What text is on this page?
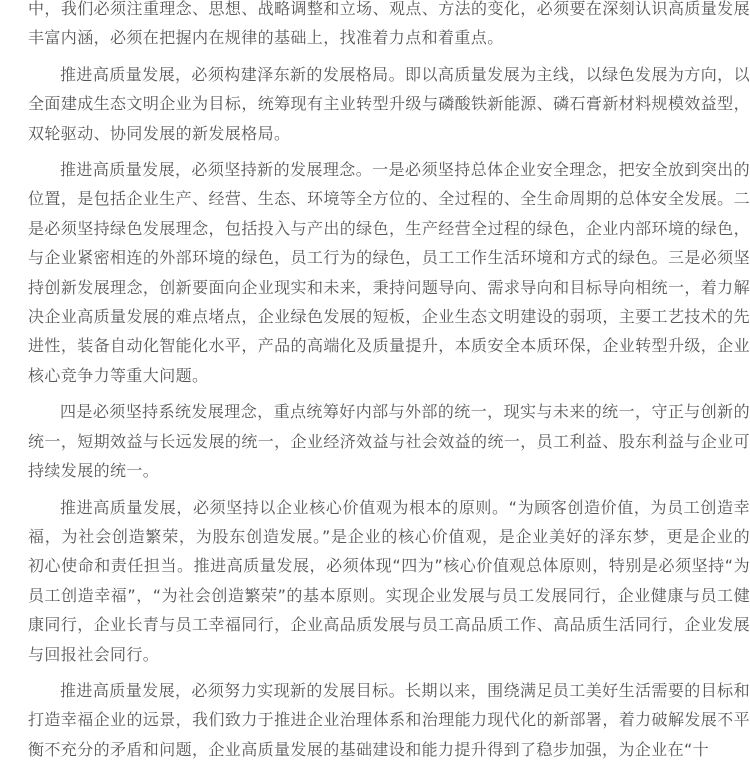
中，我们必须注重理念、思想、战略调整和立场、观点、方法的变化，必须要在深刻认识高质量发展丰富内涵，必须在把握内在规律的基础上，找准着力点和着重点。

推进高质量发展，必须构建泽东新的发展格局。即以高质量发展为主线，以绿色发展为方向，以全面建成生态文明企业为目标，统筹现有主业转型升级与磷酸铁新能源、磷石膏新材料规模效益型，双轮驱动、协同发展的新发展格局。

推进高质量发展，必须坚持新的发展理念。一是必须坚持总体企业安全理念，把安全放到突出的位置，是包括企业生产、经营、生态、环境等全方位的、全过程的、全生命周期的总体安全发展。二是必须坚持绿色发展理念，包括投入与产出的绿色，生产经营全过程的绿色，企业内部环境的绿色，与企业紧密相连的外部环境的绿色，员工行为的绿色，员工工作生活环境和方式的绿色。三是必须坚持创新发展理念，创新要面向企业现实和未来，秉持问题导向、需求导向和目标导向相统一，着力解决企业高质量发展的难点堵点，企业绿色发展的短板，企业生态文明建设的弱项，主要工艺技术的先进性，装备自动化智能化水平，产品的高端化及质量提升，本质安全本质环保，企业转型升级，企业核心竞争力等重大问题。

四是必须坚持系统发展理念，重点统筹好内部与外部的统一，现实与未来的统一，守正与创新的统一，短期效益与长远发展的统一，企业经济效益与社会效益的统一，员工利益、股东利益与企业可持续发展的统一。

推进高质量发展，必须坚持以企业核心价值观为根本的原则。“为顾客创造价值，为员工创造幸福，为社会创造繁荣，为股东创造发展。”是企业的核心价值观，是企业美好的泽东梦，更是企业的初心使命和责任担当。推进高质量发展，必须体现“四为”核心价值观总体原则，特别是必须坚持“为员工创造幸福”，“为社会创造繁荣”的基本原则。实现企业发展与员工发展同行，企业健康与员工健康同行，企业长青与员工幸福同行，企业高品质发展与员工高品质工作、高品质生活同行，企业发展与回报社会同行。

推进高质量发展，必须努力实现新的发展目标。长期以来，围绕满足员工美好生活需要的目标和打造幸福企业的远景，我们致力于推进企业治理体系和治理能力现代化的新部署，着力破解发展不平衡不充分的矛盾和问题，企业高质量发展的基础建设和能力提升得到了稳步加强，为企业在“十
